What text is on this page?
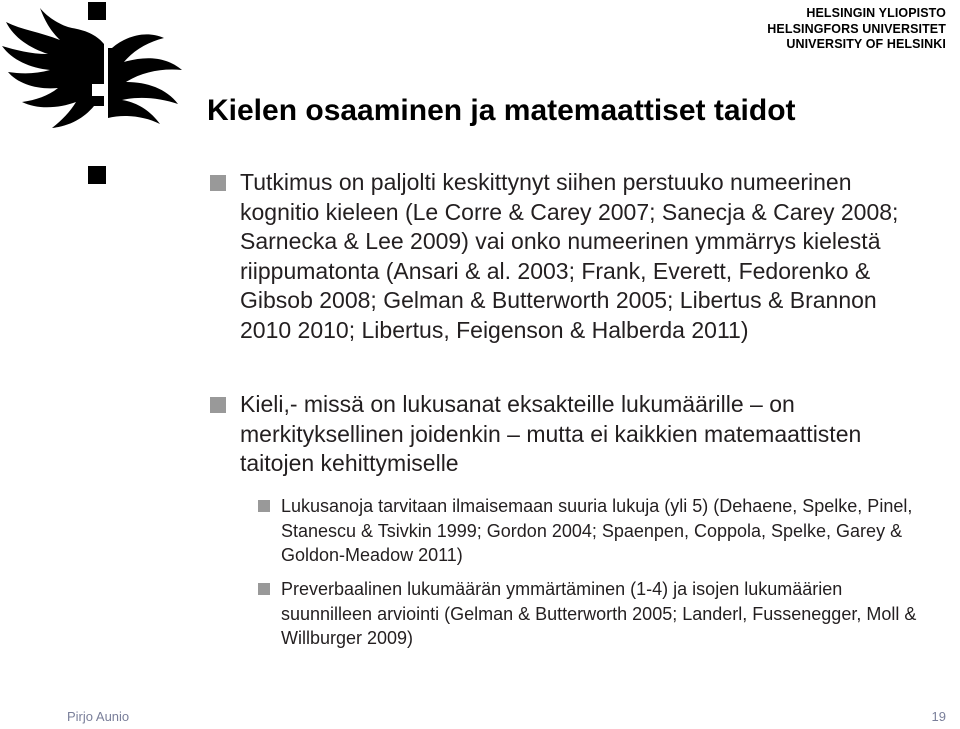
HELSINGIN YLIOPISTO
HELSINGFORS UNIVERSITET
UNIVERSITY OF HELSINKI
Kielen osaaminen ja matemaattiset taidot
Tutkimus on paljolti keskittynyt siihen perstuuko numeerinen kognitio kieleen (Le Corre & Carey 2007; Sanecja & Carey 2008; Sarnecka & Lee 2009) vai onko numeerinen ymmärrys kielestä riippumatonta (Ansari & al. 2003; Frank, Everett, Fedorenko & Gibsob 2008; Gelman & Butterworth 2005; Libertus & Brannon 2010 2010; Libertus, Feigenson & Halberda 2011)
Kieli,- missä on lukusanat eksakteille lukumäärille – on merkityksellinen joidenkin – mutta ei kaikkien matemaattisten taitojen kehittymiselle
Lukusanoja tarvitaan ilmaisemaan suuria lukuja (yli 5) (Dehaene, Spelke, Pinel, Stanescu & Tsivkin 1999; Gordon 2004; Spaenpen, Coppola, Spelke, Garey & Goldon-Meadow 2011)
Preverbaalinen lukumäärän ymmärtäminen (1-4) ja isojen lukumäärien suunnilleen arviointi (Gelman & Butterworth 2005; Landerl, Fussenegger, Moll & Willburger 2009)
Pirjo Aunio	19
